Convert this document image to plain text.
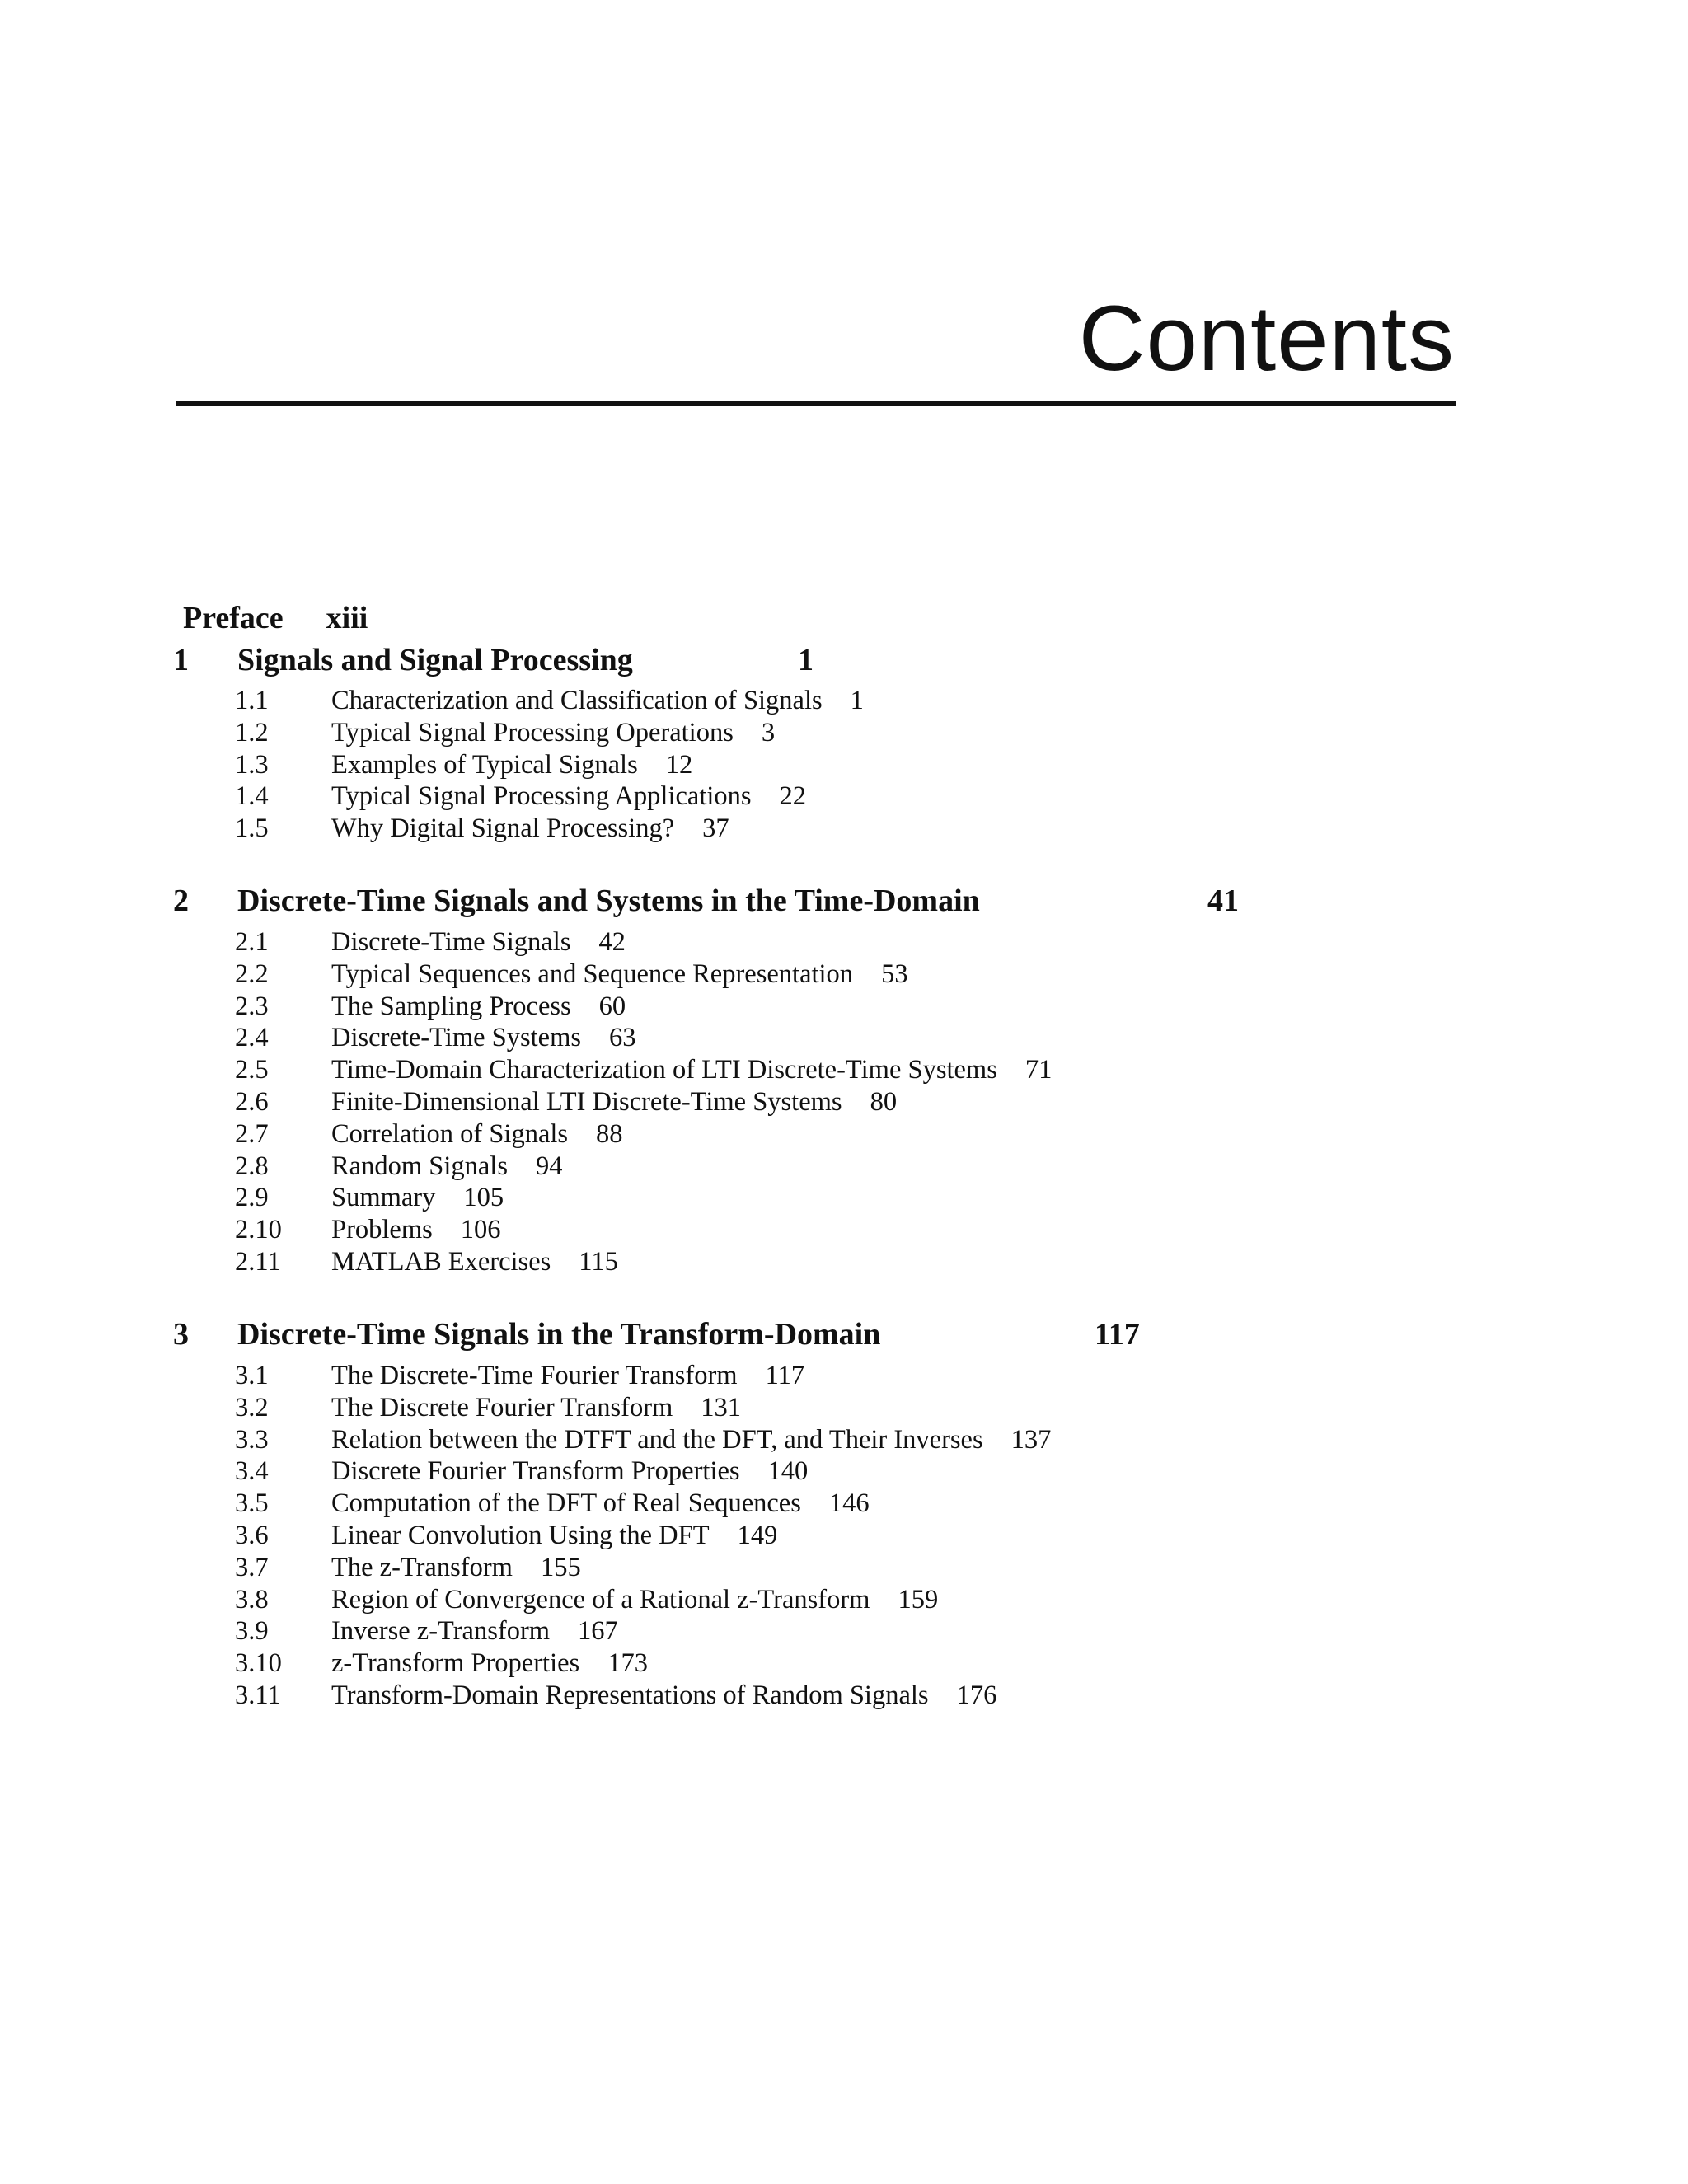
Contents
Preface xiii
1 Signals and Signal Processing	1
1.1 Characterization and Classification of Signals 1
1.2 Typical Signal Processing Operations 3
1.3 Examples of Typical Signals 12
1.4 Typical Signal Processing Applications 22
1.5 Why Digital Signal Processing? 37
2 Discrete-Time Signals and Systems in the Time-Domain	41
2.1 Discrete-Time Signals 42
2.2 Typical Sequences and Sequence Representation 53
2.3 The Sampling Process 60
2.4 Discrete-Time Systems 63
2.5 Time-Domain Characterization of LTI Discrete-Time Systems 71
2.6 Finite-Dimensional LTI Discrete-Time Systems 80
2.7 Correlation of Signals 88
2.8 Random Signals 94
2.9 Summary 105
2.10 Problems 106
2.11 MATLAB Exercises 115
3 Discrete-Time Signals in the Transform-Domain	117
3.1 The Discrete-Time Fourier Transform 117
3.2 The Discrete Fourier Transform 131
3.3 Relation between the DTFT and the DFT, and Their Inverses 137
3.4 Discrete Fourier Transform Properties 140
3.5 Computation of the DFT of Real Sequences 146
3.6 Linear Convolution Using the DFT 149
3.7 The z-Transform 155
3.8 Region of Convergence of a Rational z-Transform 159
3.9 Inverse z-Transform 167
3.10 z-Transform Properties 173
3.11 Transform-Domain Representations of Random Signals 176
